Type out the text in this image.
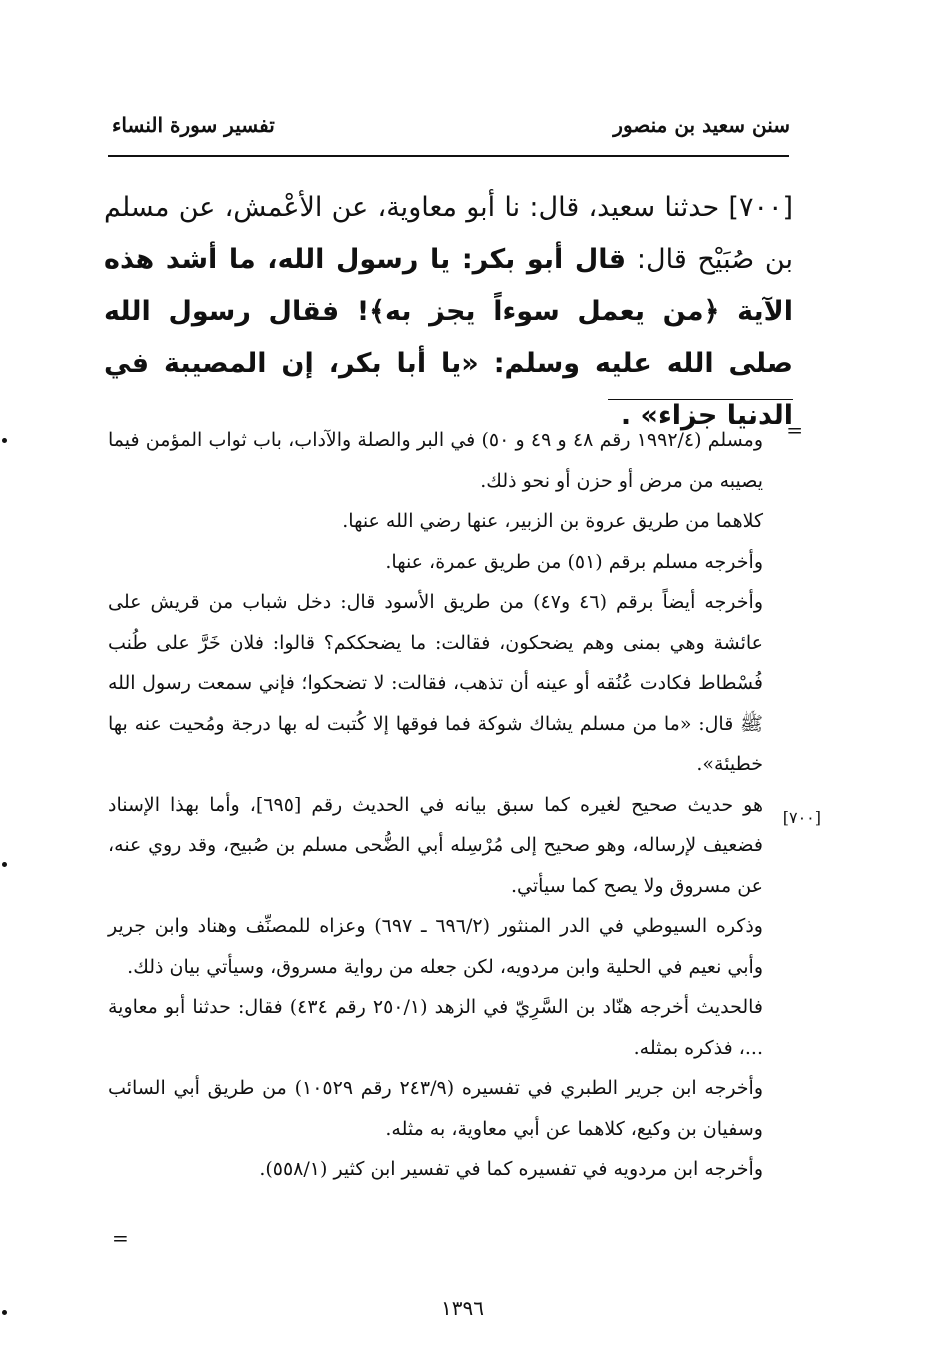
سنن سعيد بن منصور
تفسير سورة النساء
[٧٠٠] حدثنا سعيد، قال: نا أبو معاوية، عن الأعْمش، عن مسلم بن صُبَيْح قال: قال أبو بكر: يا رسول الله، ما أشد هذه الآية ﴿من يعمل سوءاً يجز به﴾! فقال رسول الله صلى الله عليه وسلم: «يا أبا بكر، إن المصيبة في الدنيا جزاء» .
=

ومسلم (١٩٩٢/٤ رقم ٤٨ و ٤٩ و ٥٠) في البر والصلة والآداب، باب ثواب المؤمن فيما يصيبه من مرض أو حزن أو نحو ذلك.

كلاهما من طريق عروة بن الزبير، عنها رضي الله عنها.

وأخرجه مسلم برقم (٥١) من طريق عمرة، عنها.

وأخرجه أيضاً برقم (٤٦ و٤٧) من طريق الأسود قال: دخل شباب من قريش على عائشة وهي بمنى وهم يضحكون، فقالت: ما يضحككم؟ قالوا: فلان خَرَّ على طُنب فُسْطاط فكادت عُنُقه أو عينه أن تذهب، فقالت: لا تضحكوا؛ فإني سمعت رسول الله ﷺ قال: «ما من مسلم يشاك شوكة فما فوقها إلا كُتبت له بها درجة ومُحيت عنه بها خطيئة».

هو حديث صحيح لغيره كما سبق بيانه في الحديث رقم [٦٩٥]، وأما بهذا الإسناد فضعيف لإرساله، وهو صحيح إلى مُرْسِله أبي الضُّحى مسلم بن صُبيح، وقد روي عنه، عن مسروق ولا يصح كما سيأتي.

وذكره السيوطي في الدر المنثور (٦٩٦/٢ ـ ٦٩٧) وعزاه للمصنِّف وهناد وابن جرير وأبي نعيم في الحلية وابن مردويه، لكن جعله من رواية مسروق، وسيأتي بيان ذلك.

فالحديث أخرجه هنّاد بن السَّرِيّ في الزهد (٢٥٠/١ رقم ٤٣٤) فقال: حدثنا أبو معاوية ...، فذكره بمثله.

وأخرجه ابن جرير الطبري في تفسيره (٢٤٣/٩ رقم ١٠٥٢٩) من طريق أبي السائب وسفيان بن وكيع، كلاهما عن أبي معاوية، به مثله.

وأخرجه ابن مردويه في تفسيره كما في تفسير ابن كثير (٥٥٨/١).

[٧٠٠]
=
١٣٩٦
